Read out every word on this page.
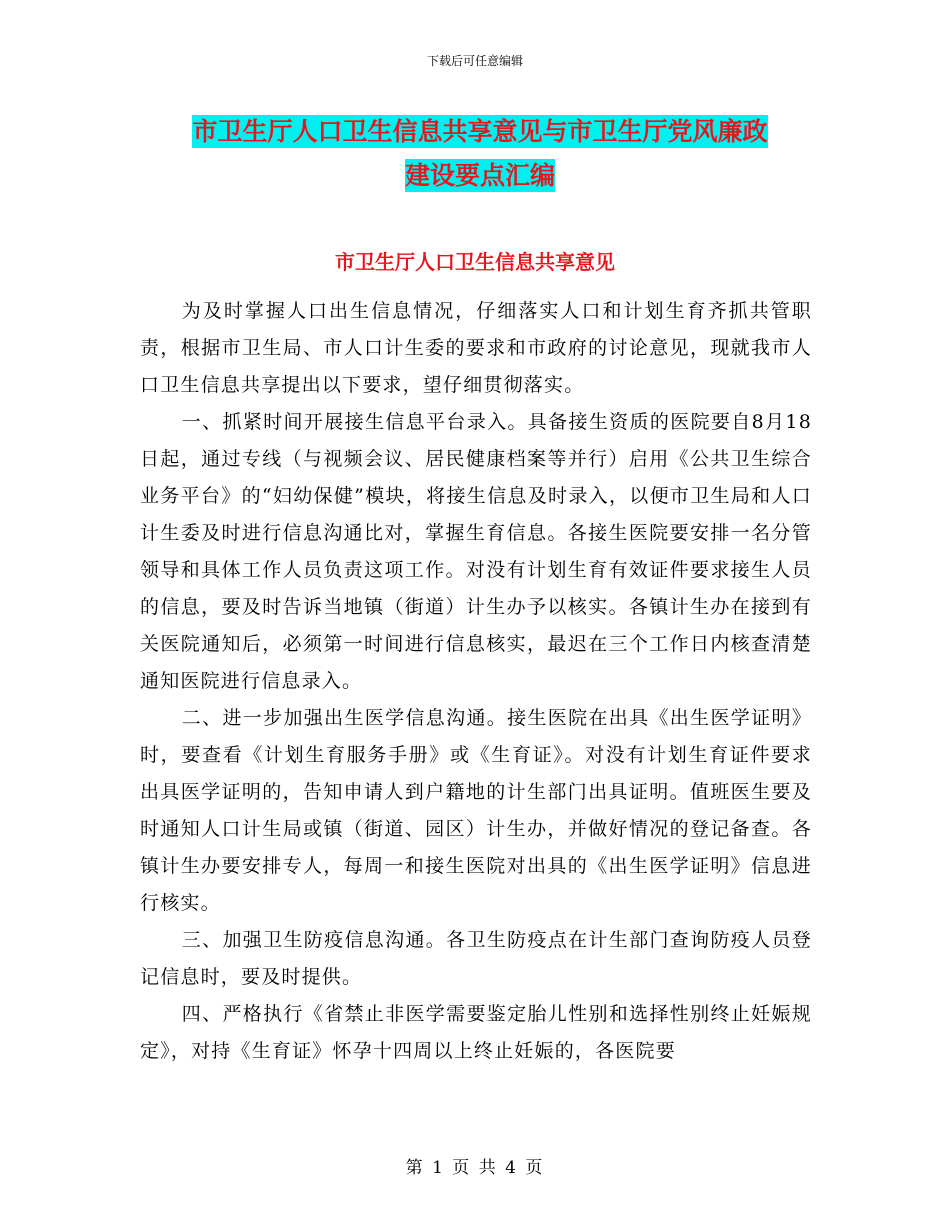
下载后可任意编辑
市卫生厅人口卫生信息共享意见与市卫生厅党风廉政
建设要点汇编
市卫生厅人口卫生信息共享意见

为及时掌握人口出生信息情况，仔细落实人口和计划生育齐抓共管职责，根据市卫生局、市人口计生委的要求和市政府的讨论意见，现就我市人口卫生信息共享提出以下要求，望仔细贯彻落实。

一、抓紧时间开展接生信息平台录入。具备接生资质的医院要自8月18日起，通过专线（与视频会议、居民健康档案等并行）启用《公共卫生综合业务平台》的“妇幼保健”模块，将接生信息及时录入，以便市卫生局和人口计生委及时进行信息沟通比对，掌握生育信息。各接生医院要安排一名分管领导和具体工作人员负责这项工作。对没有计划生育有效证件要求接生人员的信息，要及时告诉当地镇（街道）计生办予以核实。各镇计生办在接到有关医院通知后，必须第一时间进行信息核实，最迟在三个工作日内核查清楚通知医院进行信息录入。

二、进一步加强出生医学信息沟通。接生医院在出具《出生医学证明》时，要查看《计划生育服务手册》或《生育证》。对没有计划生育证件要求出具医学证明的，告知申请人到户籍地的计生部门出具证明。值班医生要及时通知人口计生局或镇（街道、园区）计生办，并做好情况的登记备查。各镇计生办要安排专人，每周一和接生医院对出具的《出生医学证明》信息进行核实。

三、加强卫生防疫信息沟通。各卫生防疫点在计生部门查询防疫人员登记信息时，要及时提供。

四、严格执行《省禁止非医学需要鉴定胎儿性别和选择性别终止妊娠规定》，对持《生育证》怀孕十四周以上终止妊娠的，各医院要

第 1 页 共 4 页
